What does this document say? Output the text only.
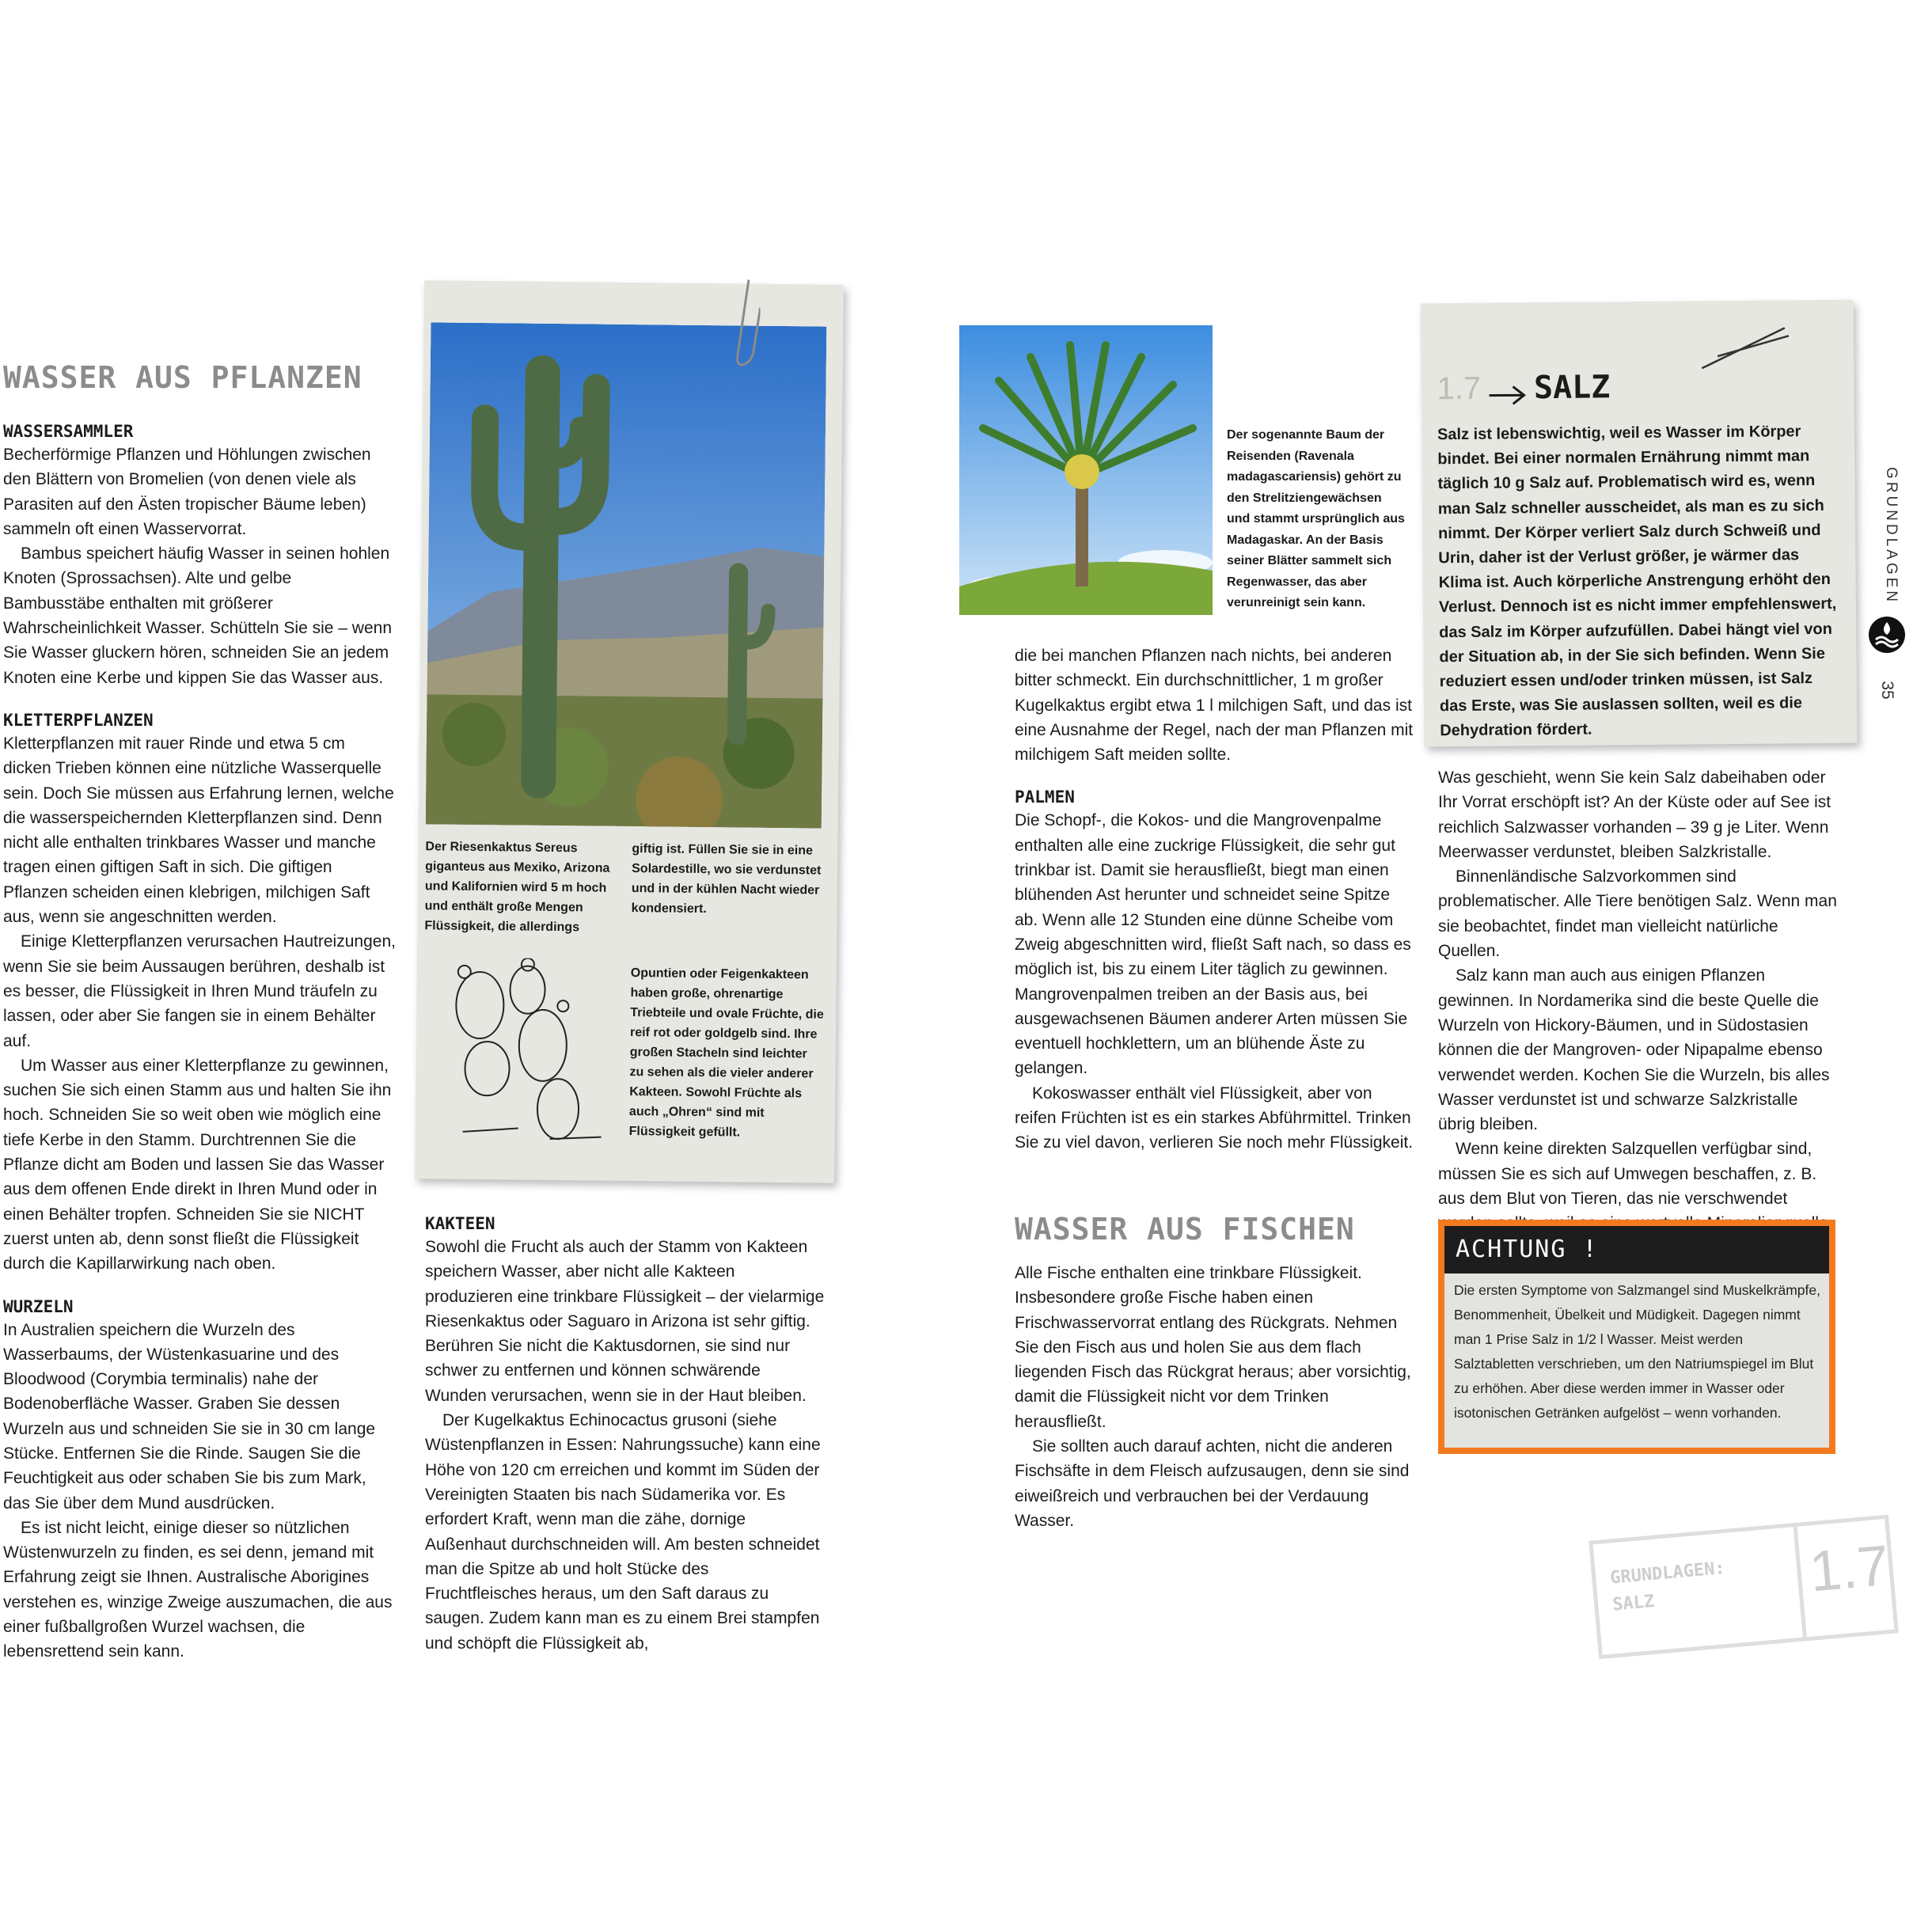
WASSER AUS PFLANZEN
WASSERSAMMLER

Becherförmige Pflanzen und Höhlungen zwischen den Blättern von Bromelien (von denen viele als Parasiten auf den Ästen tropischer Bäume leben) sammeln oft einen Wasservorrat.

Bambus speichert häufig Wasser in seinen hohlen Knoten (Sprossachsen). Alte und gelbe Bambusstäbe enthalten mit größerer Wahrscheinlichkeit Wasser. Schütteln Sie sie – wenn Sie Wasser gluckern hören, schneiden Sie an jedem Knoten eine Kerbe und kippen Sie das Wasser aus.

KLETTERPFLANZEN

Kletterpflanzen mit rauer Rinde und etwa 5 cm dicken Trieben können eine nützliche Wasserquelle sein. Doch Sie müssen aus Erfahrung lernen, welche die wasserspeichernden Kletterpflanzen sind. Denn nicht alle enthalten trinkbares Wasser und manche tragen einen giftigen Saft in sich. Die giftigen Pflanzen scheiden einen klebrigen, milchigen Saft aus, wenn sie angeschnitten werden.

Einige Kletterpflanzen verursachen Hautreizungen, wenn Sie sie beim Aussaugen berühren, deshalb ist es besser, die Flüssigkeit in Ihren Mund träufeln zu lassen, oder aber Sie fangen sie in einem Behälter auf.

Um Wasser aus einer Kletterpflanze zu gewinnen, suchen Sie sich einen Stamm aus und halten Sie ihn hoch. Schneiden Sie so weit oben wie möglich eine tiefe Kerbe in den Stamm. Durchtrennen Sie die Pflanze dicht am Boden und lassen Sie das Wasser aus dem offenen Ende direkt in Ihren Mund oder in einen Behälter tropfen. Schneiden Sie sie NICHT zuerst unten ab, denn sonst fließt die Flüssigkeit durch die Kapillarwirkung nach oben.

WURZELN

In Australien speichern die Wurzeln des Wasserbaums, der Wüstenkasuarine und des Bloodwood (Corymbia terminalis) nahe der Bodenoberfläche Wasser. Graben Sie dessen Wurzeln aus und schneiden Sie sie in 30 cm lange Stücke. Entfernen Sie die Rinde. Saugen Sie die Feuchtigkeit aus oder schaben Sie bis zum Mark, das Sie über dem Mund ausdrücken.

Es ist nicht leicht, einige dieser so nützlichen Wüstenwurzeln zu finden, es sei denn, jemand mit Erfahrung zeigt sie Ihnen. Australische Aborigines verstehen es, winzige Zweige auszumachen, die aus einer fußballgroßen Wurzel wachsen, die lebensrettend sein kann.

Der Riesenkaktus Sereus giganteus aus Mexiko, Arizona und Kalifornien wird 5 m hoch und enthält große Mengen Flüssigkeit, die allerdings

giftig ist. Füllen Sie sie in eine Solardestille, wo sie verdunstet und in der kühlen Nacht wieder kondensiert.

Opuntien oder Feigenkakteen haben große, ohrenartige Triebteile und ovale Früchte, die reif rot oder goldgelb sind. Ihre großen Stacheln sind leichter zu sehen als die vieler anderer Kakteen. Sowohl Früchte als auch „Ohren“ sind mit Flüssigkeit gefüllt.

KAKTEEN

Sowohl die Frucht als auch der Stamm von Kakteen speichern Wasser, aber nicht alle Kakteen produzieren eine trinkbare Flüssigkeit – der vielarmige Riesenkaktus oder Saguaro in Arizona ist sehr giftig. Berühren Sie nicht die Kaktusdornen, sie sind nur schwer zu entfernen und können schwärende Wunden verursachen, wenn sie in der Haut bleiben.

Der Kugelkaktus Echinocactus grusoni (siehe Wüstenpflanzen in Essen: Nahrungssuche) kann eine Höhe von 120 cm erreichen und kommt im Süden der Vereinigten Staaten bis nach Südamerika vor. Es erfordert Kraft, wenn man die zähe, dornige Außenhaut durchschneiden will. Am besten schneidet man die Spitze ab und holt Stücke des Fruchtfleisches heraus, um den Saft daraus zu saugen. Zudem kann man es zu einem Brei stampfen und schöpft die Flüssigkeit ab,

Der sogenannte Baum der Reisenden (Ravenala madagascariensis) gehört zu den Strelitziengewächsen und stammt ursprünglich aus Madagaskar. An der Basis seiner Blätter sammelt sich Regenwasser, das aber verunreinigt sein kann.

die bei manchen Pflanzen nach nichts, bei anderen bitter schmeckt. Ein durchschnittlicher, 1 m großer Kugelkaktus ergibt etwa 1 l milchigen Saft, und das ist eine Ausnahme der Regel, nach der man Pflanzen mit milchigem Saft meiden sollte.

PALMEN

Die Schopf-, die Kokos- und die Mangrovenpalme enthalten alle eine zuckrige Flüssigkeit, die sehr gut trinkbar ist. Damit sie herausfließt, biegt man einen blühenden Ast herunter und schneidet seine Spitze ab. Wenn alle 12 Stunden eine dünne Scheibe vom Zweig abgeschnitten wird, fließt Saft nach, so dass es möglich ist, bis zu einem Liter täglich zu gewinnen. Mangrovenpalmen treiben an der Basis aus, bei ausgewachsenen Bäumen anderer Arten müssen Sie eventuell hochklettern, um an blühende Äste zu gelangen.

Kokoswasser enthält viel Flüssigkeit, aber von reifen Früchten ist es ein starkes Abführmittel. Trinken Sie zu viel davon, verlieren Sie noch mehr Flüssigkeit.

WASSER AUS FISCHEN

Alle Fische enthalten eine trinkbare Flüssigkeit. Insbesondere große Fische haben einen Frischwasservorrat entlang des Rückgrats. Nehmen Sie den Fisch aus und holen Sie aus dem flach liegenden Fisch das Rückgrat heraus; aber vorsichtig, damit die Flüssigkeit nicht vor dem Trinken herausfließt.

Sie sollten auch darauf achten, nicht die anderen Fischsäfte in dem Fleisch aufzusaugen, denn sie sind eiweißreich und verbrauchen bei der Verdauung Wasser.

1.7 SALZ

Salz ist lebenswichtig, weil es Wasser im Körper bindet. Bei einer normalen Ernährung nimmt man täglich 10 g Salz auf. Problematisch wird es, wenn man Salz schneller ausscheidet, als man es zu sich nimmt. Der Körper verliert Salz durch Schweiß und Urin, daher ist der Verlust größer, je wärmer das Klima ist. Auch körperliche Anstrengung erhöht den Verlust. Dennoch ist es nicht immer empfehlenswert, das Salz im Körper aufzufüllen. Dabei hängt viel von der Situation ab, in der Sie sich befinden. Wenn Sie reduziert essen und/oder trinken müssen, ist Salz das Erste, was Sie auslassen sollten, weil es die Dehydration fördert.

Was geschieht, wenn Sie kein Salz dabeihaben oder Ihr Vorrat erschöpft ist? An der Küste oder auf See ist reichlich Salzwasser vorhanden – 39 g je Liter. Wenn Meerwasser verdunstet, bleiben Salzkristalle.

Binnenländische Salzvorkommen sind problematischer. Alle Tiere benötigen Salz. Wenn man sie beobachtet, findet man vielleicht natürliche Quellen.

Salz kann man auch aus einigen Pflanzen gewinnen. In Nordamerika sind die beste Quelle die Wurzeln von Hickory-Bäumen, und in Südostasien können die der Mangroven- oder Nipapalme ebenso verwendet werden. Kochen Sie die Wurzeln, bis alles Wasser verdunstet ist und schwarze Salzkristalle übrig bleiben.

Wenn keine direkten Salzquellen verfügbar sind, müssen Sie es sich auf Umwegen beschaffen, z. B. aus dem Blut von Tieren, das nie verschwendet

ACHTUNG !

Die ersten Symptome von Salzmangel sind Muskelkrämpfe, Benommenheit, Übelkeit und Müdigkeit. Dagegen nimmt man 1 Prise Salz in 1/2 l Wasser. Meist werden Salztabletten verschrieben, um den Natriumspiegel im Blut zu erhöhen. Aber diese werden immer in Wasser oder isotonischen Getränken aufgelöst – wenn vorhanden.

GRUNDLAGEN
35
GRUNDLAGEN:
SALZ	1.7
